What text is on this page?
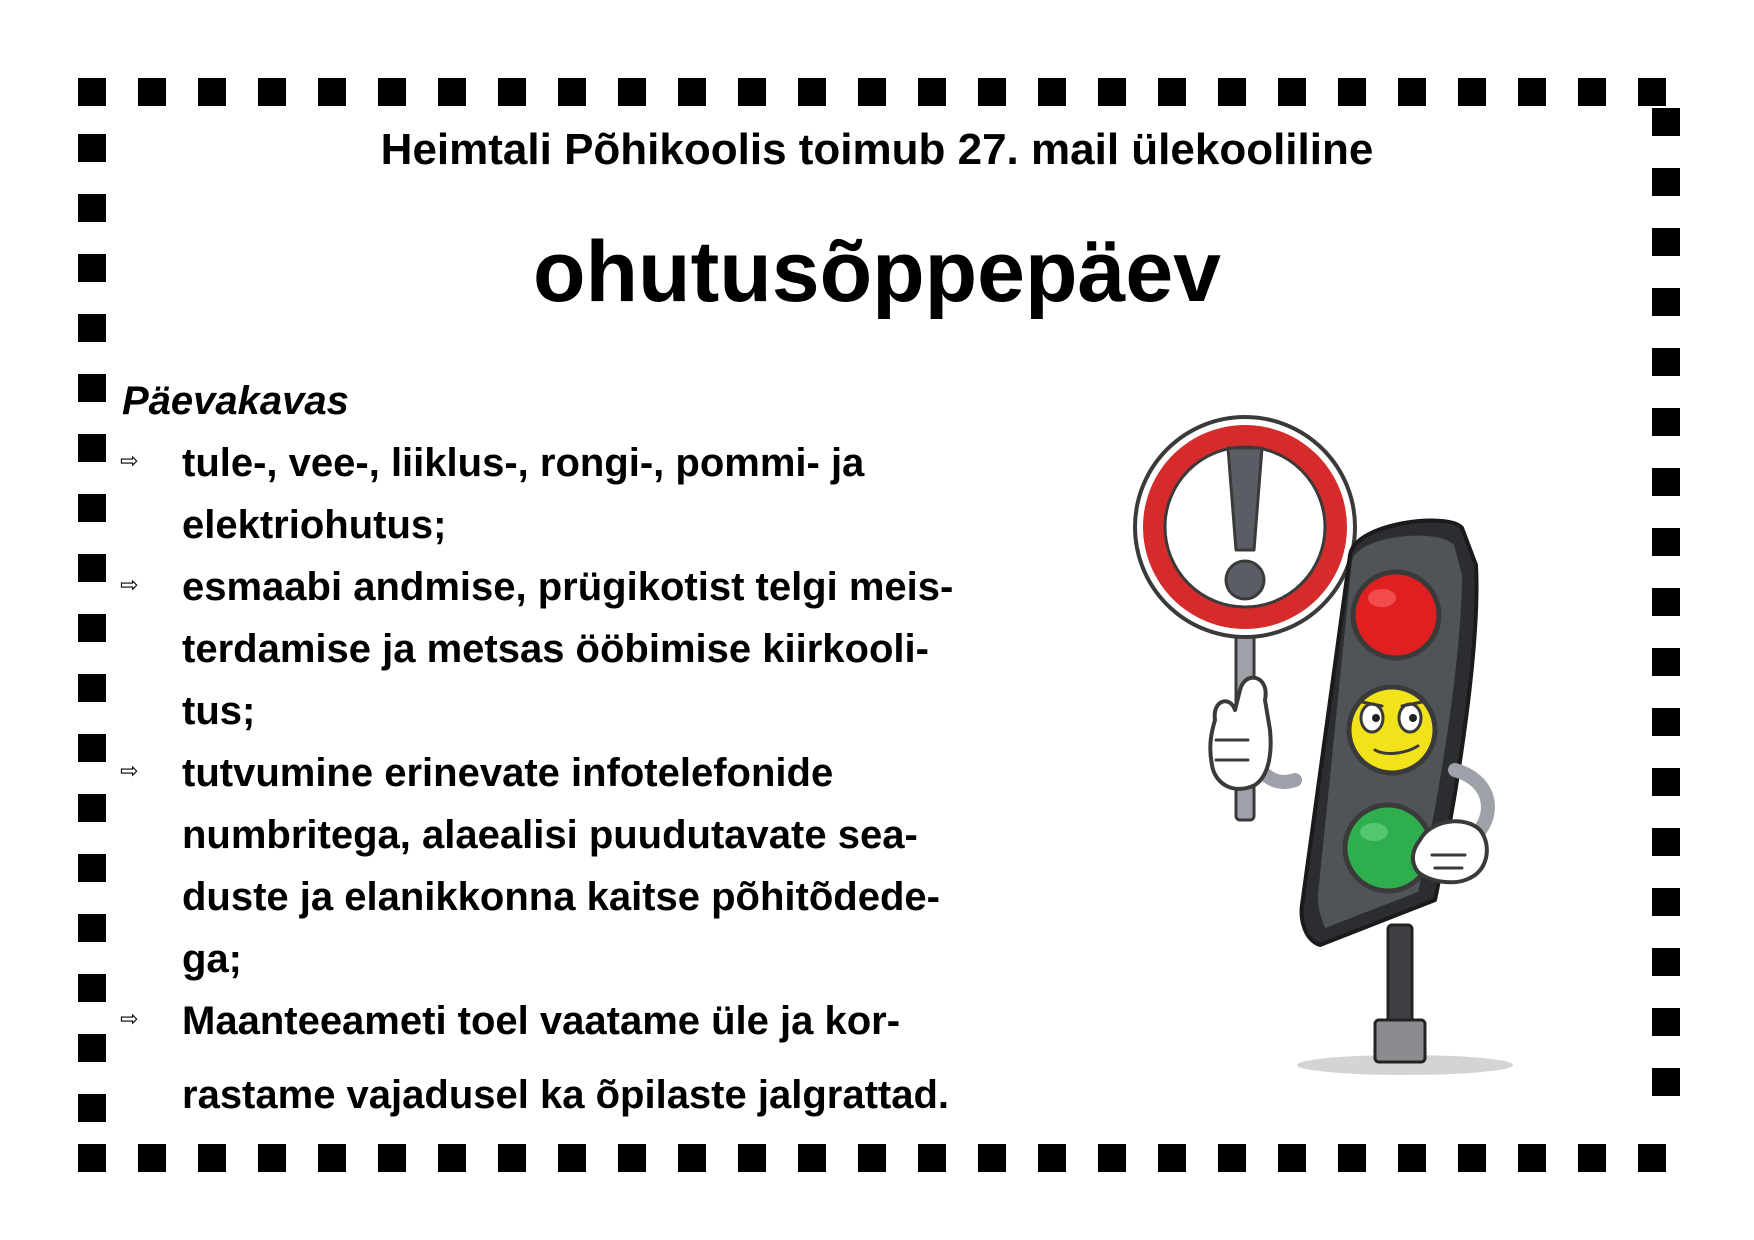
Heimtali Põhikoolis toimub 27. mail ülekooliline
ohutusõppepäev
Päevakavas
⇨ tule-, vee-, liiklus-, rongi-, pommi- ja
elektriohutus;
⇨ esmaabi andmise, prügikotist telgi meis-
terdamise ja metsas ööbimise kiirkooli-
tus;
⇨ tutvumine erinevate infotelefonide
numbritega, alaealisi puudutavate sea-
duste ja elanikkonna kaitse põhitõdede-
ga;
⇨ Maanteeameti toel vaatame üle ja kor-
rastame vajadusel ka õpilaste jalgrattad.
